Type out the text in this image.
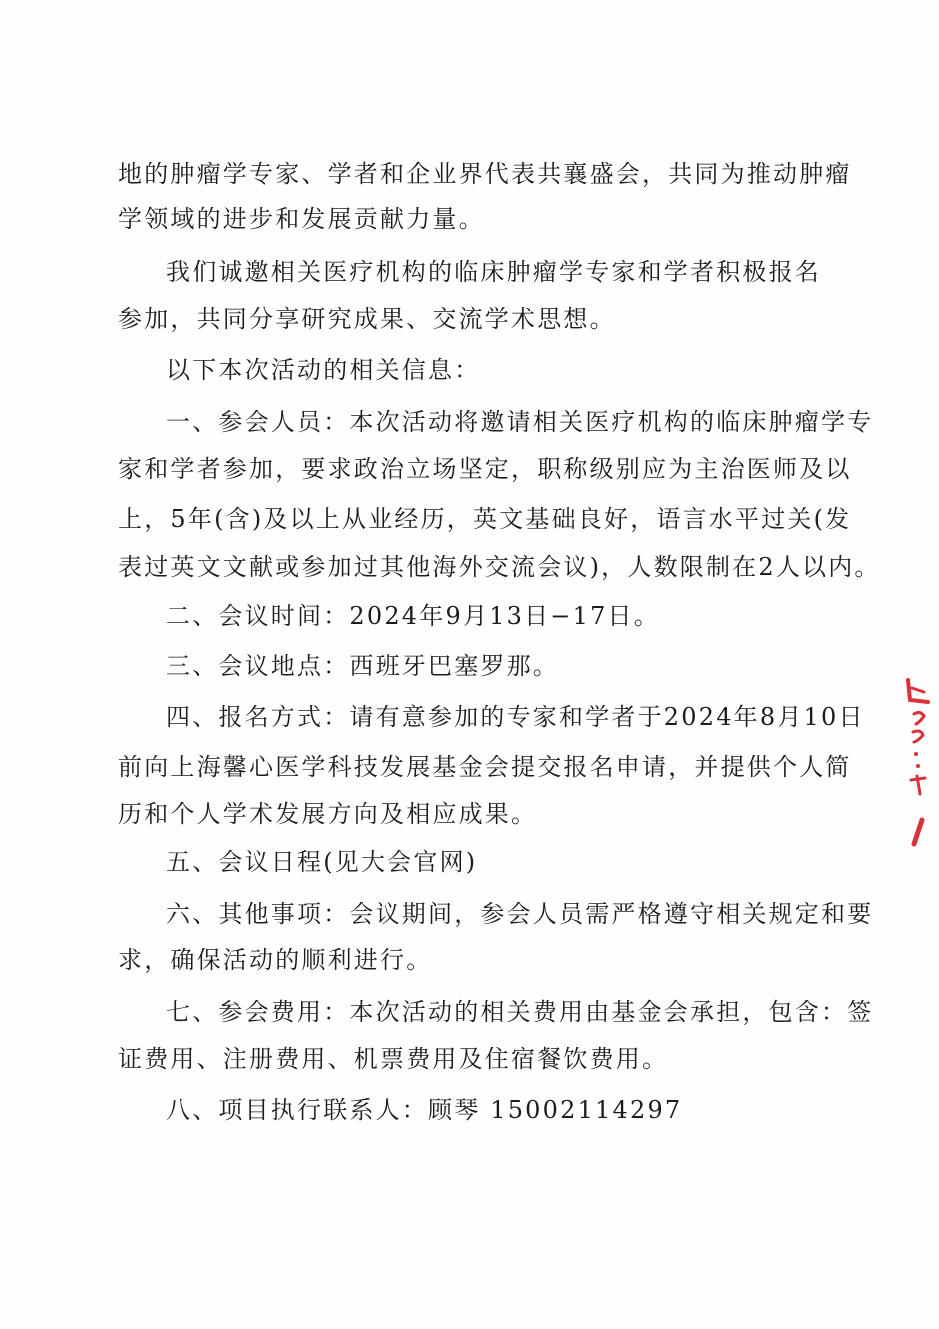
地的肿瘤学专家、学者和企业界代表共襄盛会，共同为推动肿瘤
学领域的进步和发展贡献力量。
我们诚邀相关医疗机构的临床肿瘤学专家和学者积极报名
参加，共同分享研究成果、交流学术思想。
以下本次活动的相关信息：
一、参会人员：本次活动将邀请相关医疗机构的临床肿瘤学专
家和学者参加，要求政治立场坚定，职称级别应为主治医师及以
上，5年(含)及以上从业经历，英文基础良好，语言水平过关(发
表过英文文献或参加过其他海外交流会议)，人数限制在2人以内。
二、会议时间：2024年9月13日−17日。
三、会议地点：西班牙巴塞罗那。
四、报名方式：请有意参加的专家和学者于2024年8月10日
前向上海馨心医学科技发展基金会提交报名申请，并提供个人简
历和个人学术发展方向及相应成果。
五、会议日程(见大会官网)
六、其他事项：会议期间，参会人员需严格遵守相关规定和要
求，确保活动的顺利进行。
七、参会费用：本次活动的相关费用由基金会承担，包含：签
证费用、注册费用、机票费用及住宿餐饮费用。
八、项目执行联系人：顾琴 15002114297
